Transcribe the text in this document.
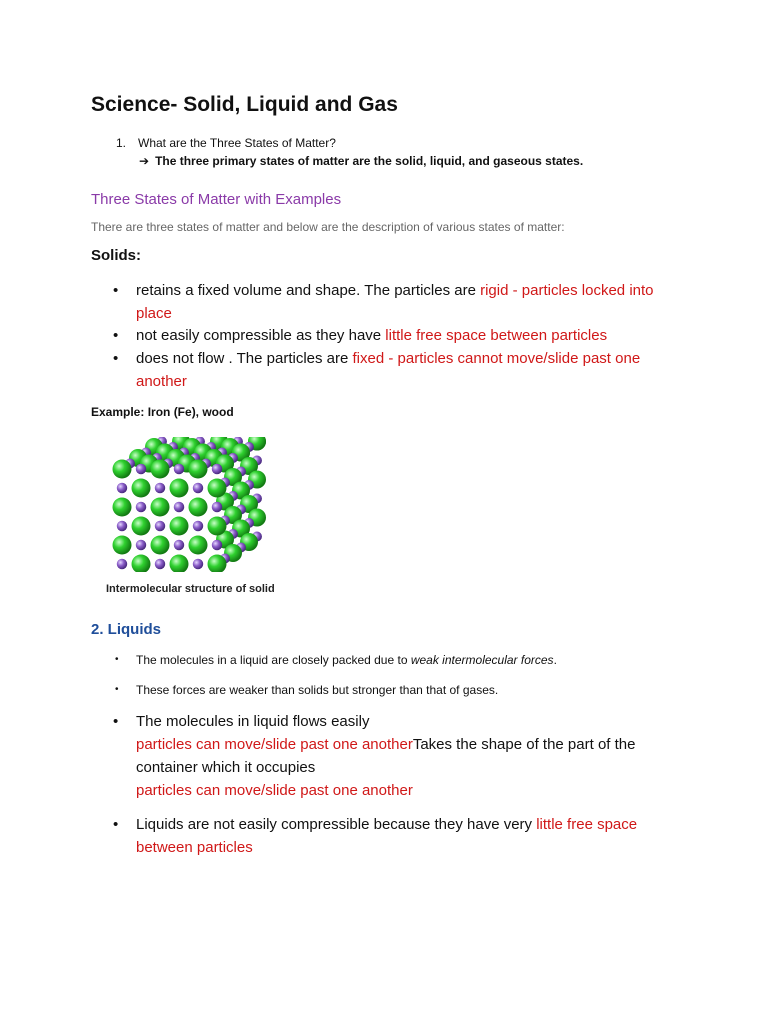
Science- Solid, Liquid and Gas
1. What are the Three States of Matter?
➔ The three primary states of matter are the solid, liquid, and gaseous states.
Three States of Matter with Examples
There are three states of matter and below are the description of various states of matter:
Solids:
• retains a fixed volume and shape. The particles are rigid - particles locked into
place
• not easily compressible as they have little free space between particles
• does not flow . The particles are fixed - particles cannot move/slide past one
another
Example: Iron (Fe), wood
Intermolecular structure of solid
2. Liquids
• The molecules in a liquid are closely packed due to weak intermolecular forces.
• These forces are weaker than solids but stronger than that of gases.
• The molecules in liquid flows easily
particles can move/slide past one anotherTakes the shape of the part of the
container which it occupies
particles can move/slide past one another
• Liquids are not easily compressible because they have very little free space
between particles
